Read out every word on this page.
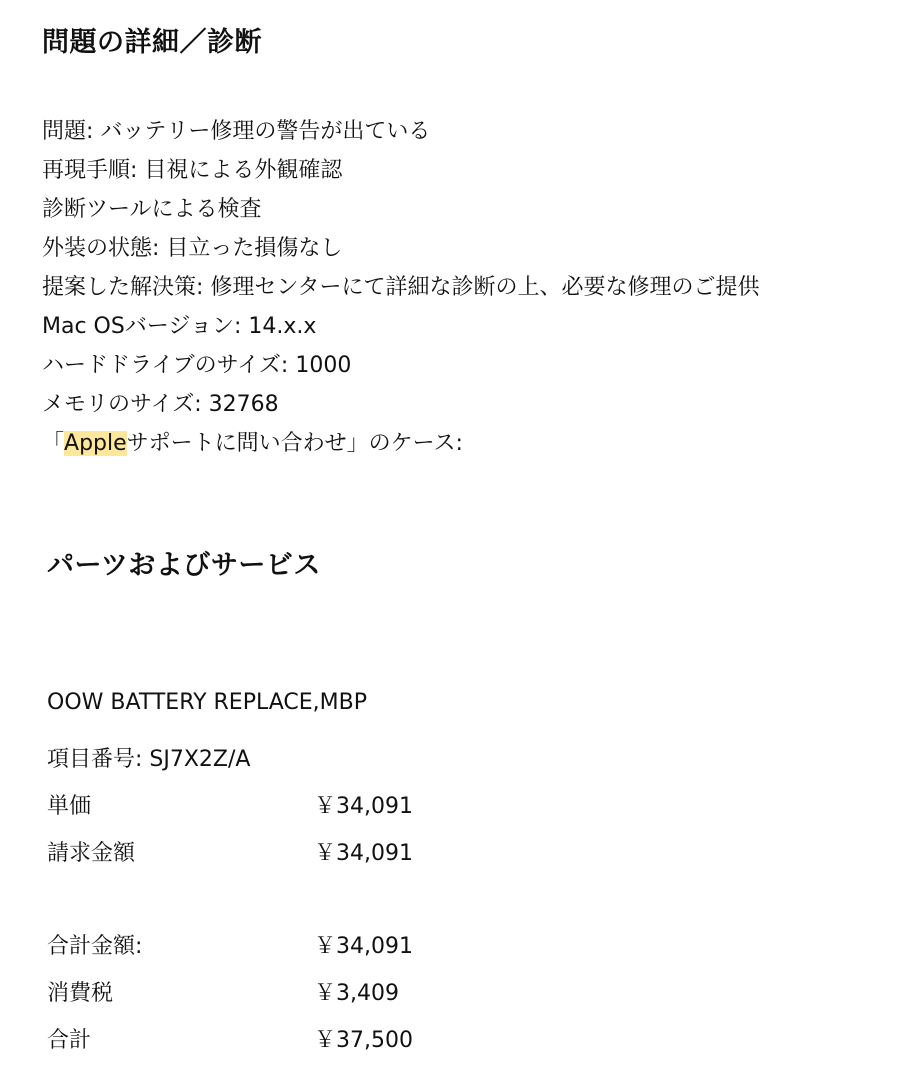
問題の詳細／診断
問題: バッテリー修理の警告が出ている
再現手順: 目視による外観確認
診断ツールによる検査
外装の状態: 目立った損傷なし
提案した解決策: 修理センターにて詳細な診断の上、必要な修理のご提供
Mac OSバージョン: 14.x.x
ハードドライブのサイズ: 1000
メモリのサイズ: 32768
「Appleサポートに問い合わせ」のケース:
パーツおよびサービス
OOW BATTERY REPLACE,MBP
項目番号: SJ7X2Z/A
単価	￥34,091
請求金額	￥34,091
合計金額:	￥34,091
消費税	￥3,409
合計	￥37,500
